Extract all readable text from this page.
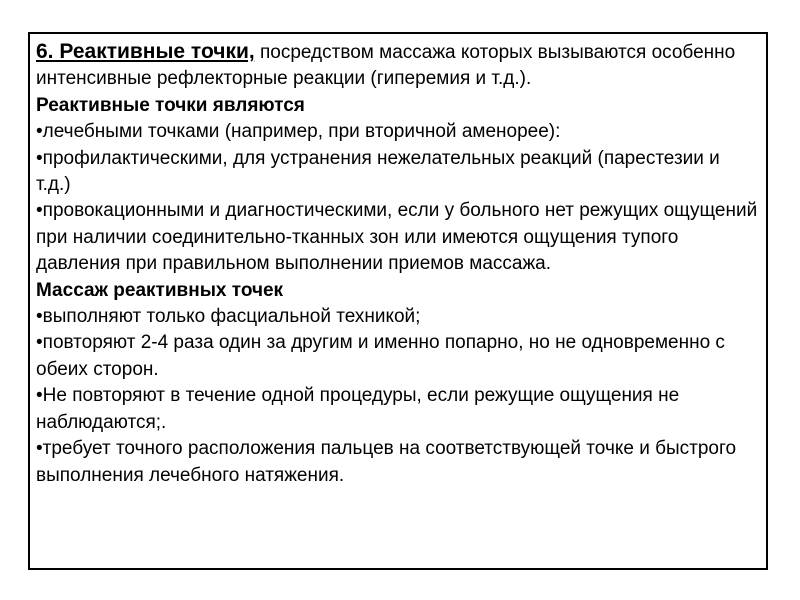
6. Реактивные точки, посредством массажа которых вызываются особенно интенсивные рефлекторные реакции (гиперемия и т.д.).

Реактивные точки являются

•лечебными точками (например, при вторичной аменорее):

•профилактическими, для устранения нежелательных реакций (парестезии и т.д.)

•провокационными и диагностическими, если у больного нет режущих ощущений при наличии соединительно-тканных зон или имеются ощущения тупого давления при правильном выполнении приемов массажа.

Массаж реактивных точек

•выполняют только фасциальной техникой;

•повторяют 2-4 раза один за другим и именно попарно, но не одновременно с обеих сторон.

•Не повторяют в течение одной процедуры, если режущие ощущения не наблюдаются;.

•требует точного расположения пальцев на соответствующей точке и быстрого выполнения лечебного натяжения.
